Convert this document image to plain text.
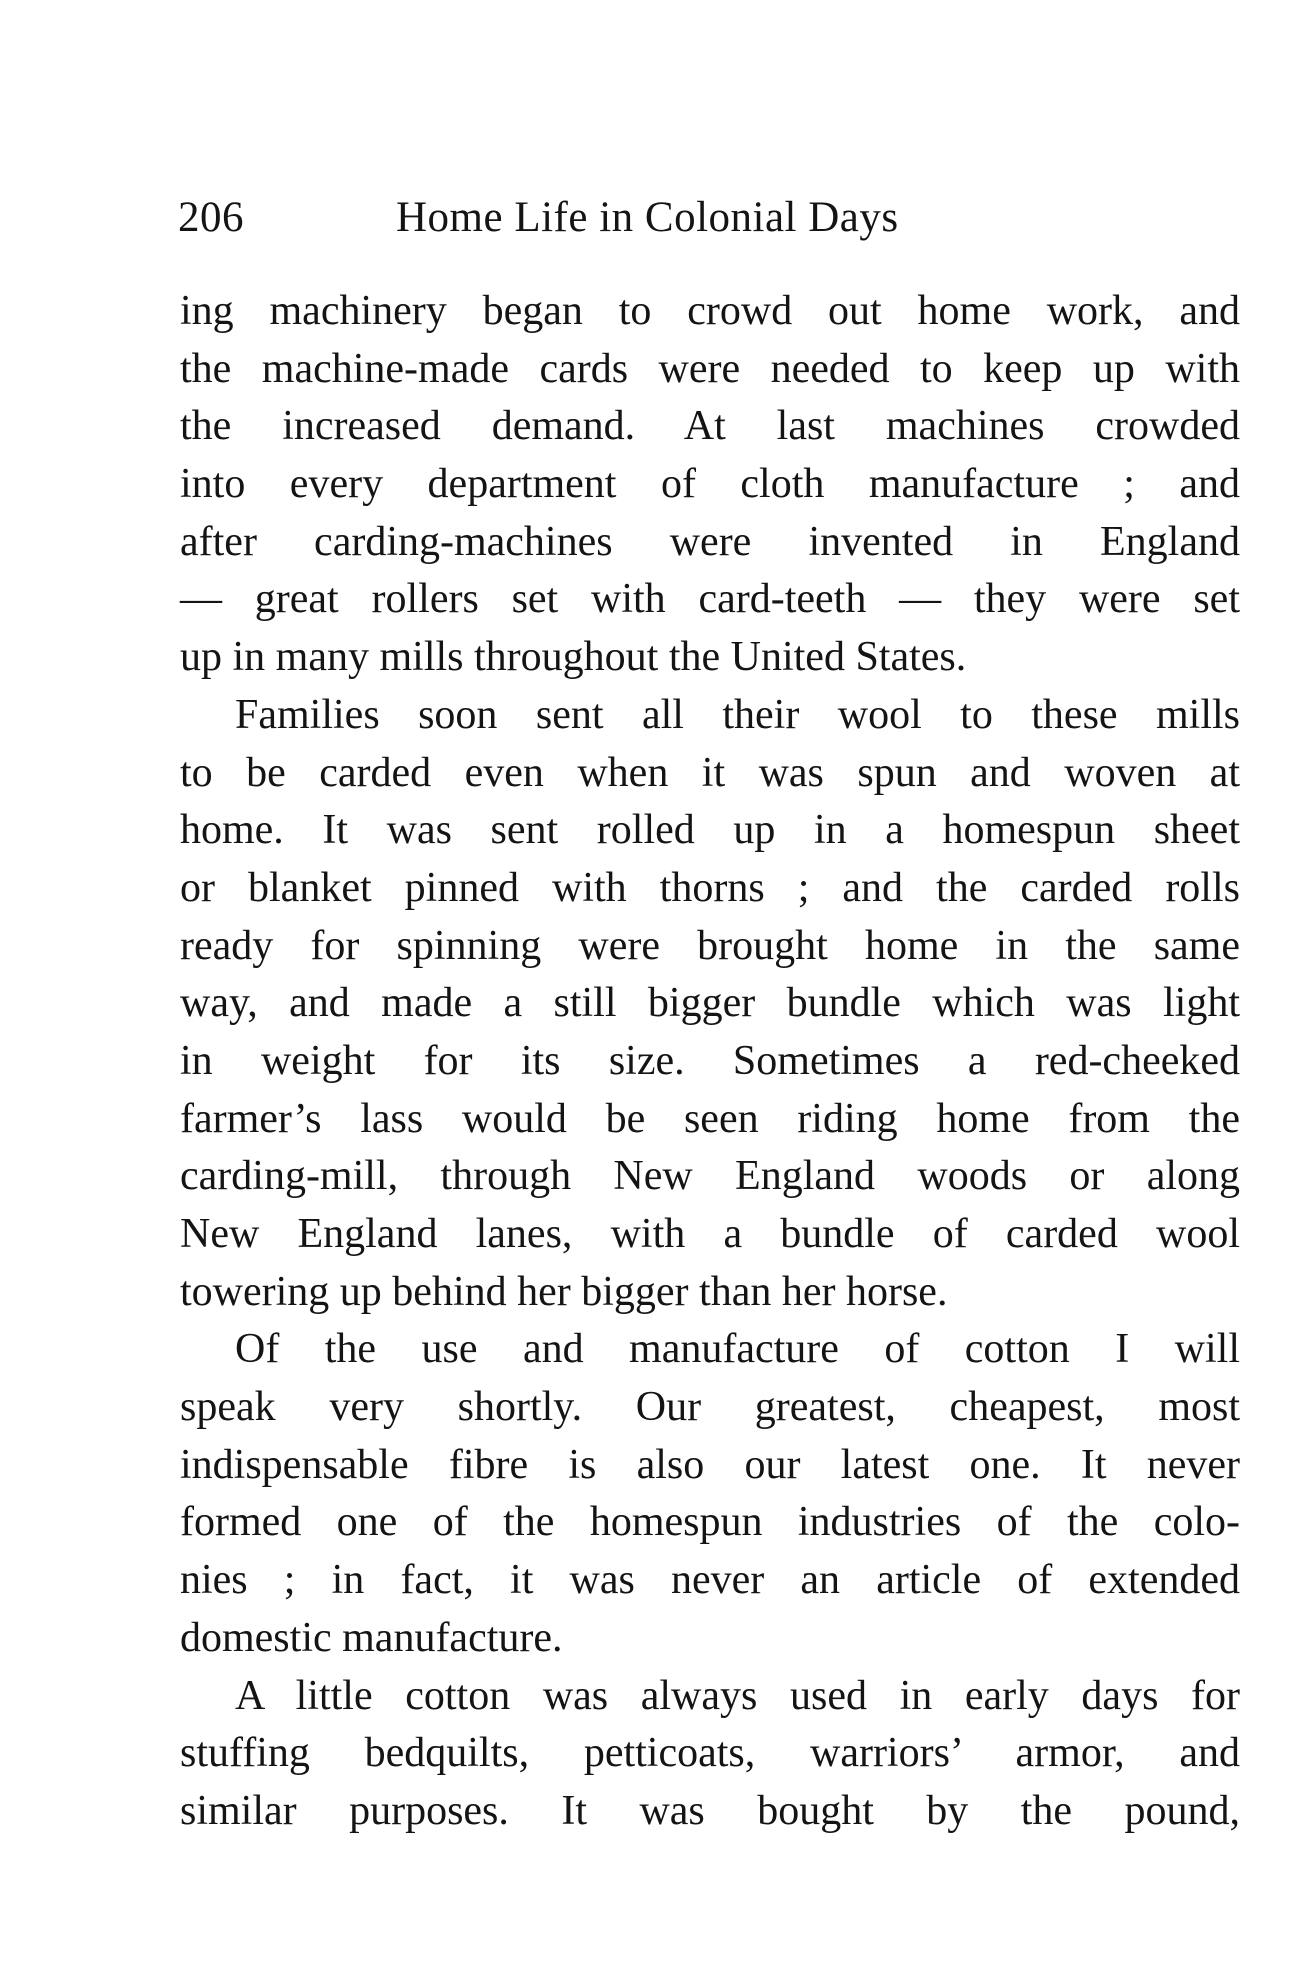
206	Home Life in Colonial Days
ing machinery began to crowd out home work, and
the machine-made cards were needed to keep up with
the increased demand. At last machines crowded
into every department of cloth manufacture ; and
after carding-machines were invented in England
— great rollers set with card-teeth — they were set
up in many mills throughout the United States.
Families soon sent all their wool to these mills
to be carded even when it was spun and woven at
home. It was sent rolled up in a homespun sheet
or blanket pinned with thorns ; and the carded rolls
ready for spinning were brought home in the same
way, and made a still bigger bundle which was light
in weight for its size. Sometimes a red-cheeked
farmer’s lass would be seen riding home from the
carding-mill, through New England woods or along
New England lanes, with a bundle of carded wool
towering up behind her bigger than her horse.
Of the use and manufacture of cotton I will
speak very shortly. Our greatest, cheapest, most
indispensable fibre is also our latest one. It never
formed one of the homespun industries of the colo-
nies ; in fact, it was never an article of extended
domestic manufacture.
A little cotton was always used in early days for
stuffing bedquilts, petticoats, warriors’ armor, and
similar purposes. It was bought by the pound,
